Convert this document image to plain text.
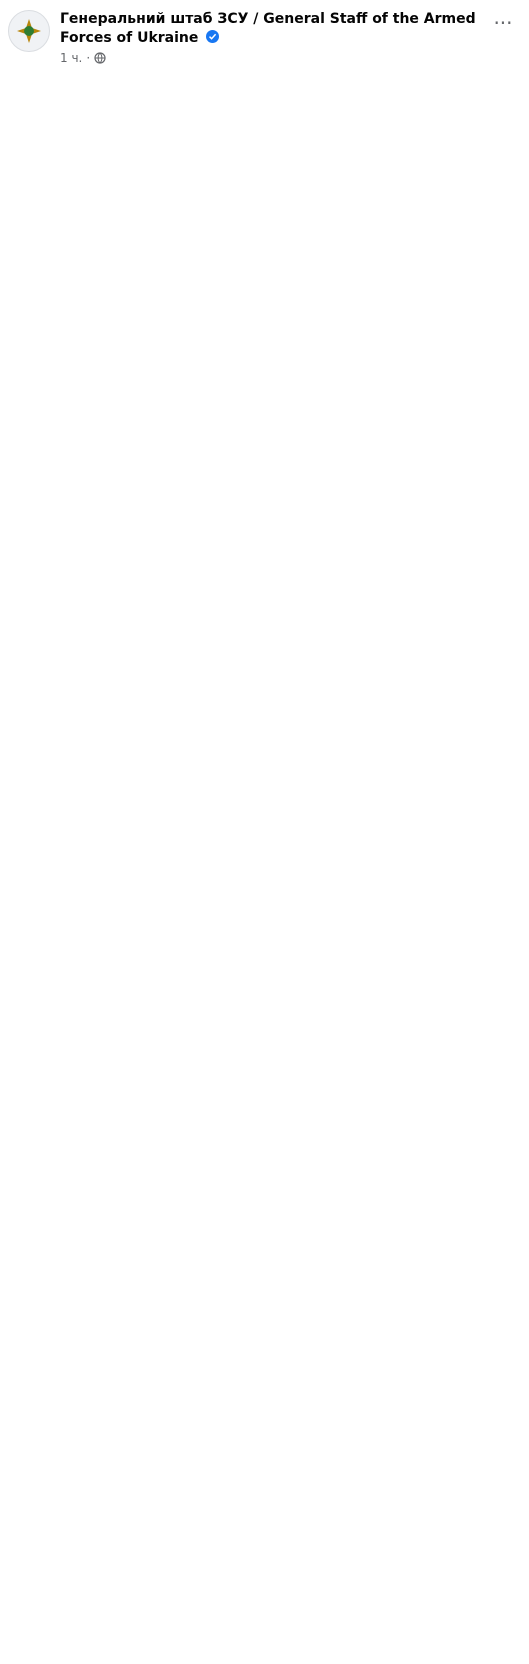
Генеральний штаб ЗСУ / General Staff of the Armed Forces of Ukraine
1 ч. ·
···
